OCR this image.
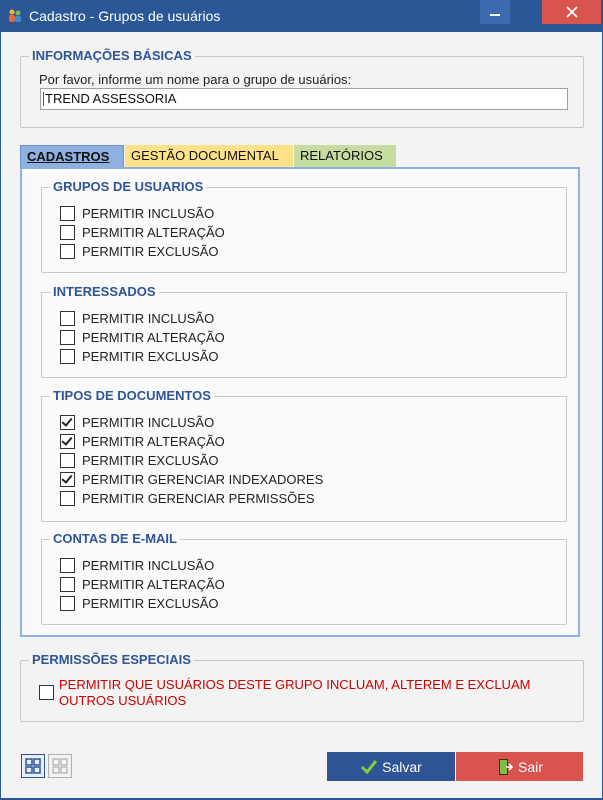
Cadastro - Grupos de usuários
INFORMAÇÕES BÁSICAS
Por favor, informe um nome para o grupo de usuários:
TREND ASSESSORIA
CADASTROS	GESTÃO DOCUMENTAL	RELATÓRIOS
GRUPOS DE USUARIOS
PERMITIR INCLUSÃO
PERMITIR ALTERAÇÃO
PERMITIR EXCLUSÃO
INTERESSADOS
PERMITIR INCLUSÃO
PERMITIR ALTERAÇÃO
PERMITIR EXCLUSÃO
TIPOS DE DOCUMENTOS
PERMITIR INCLUSÃO
PERMITIR ALTERAÇÃO
PERMITIR EXCLUSÃO
PERMITIR GERENCIAR INDEXADORES
PERMITIR GERENCIAR PERMISSÕES
CONTAS DE E-MAIL
PERMITIR INCLUSÃO
PERMITIR ALTERAÇÃO
PERMITIR EXCLUSÃO
PERMISSÕES ESPECIAIS
PERMITIR QUE USUÁRIOS DESTE GRUPO INCLUAM, ALTEREM E EXCLUAM OUTROS USUÁRIOS
Salvar	Sair
